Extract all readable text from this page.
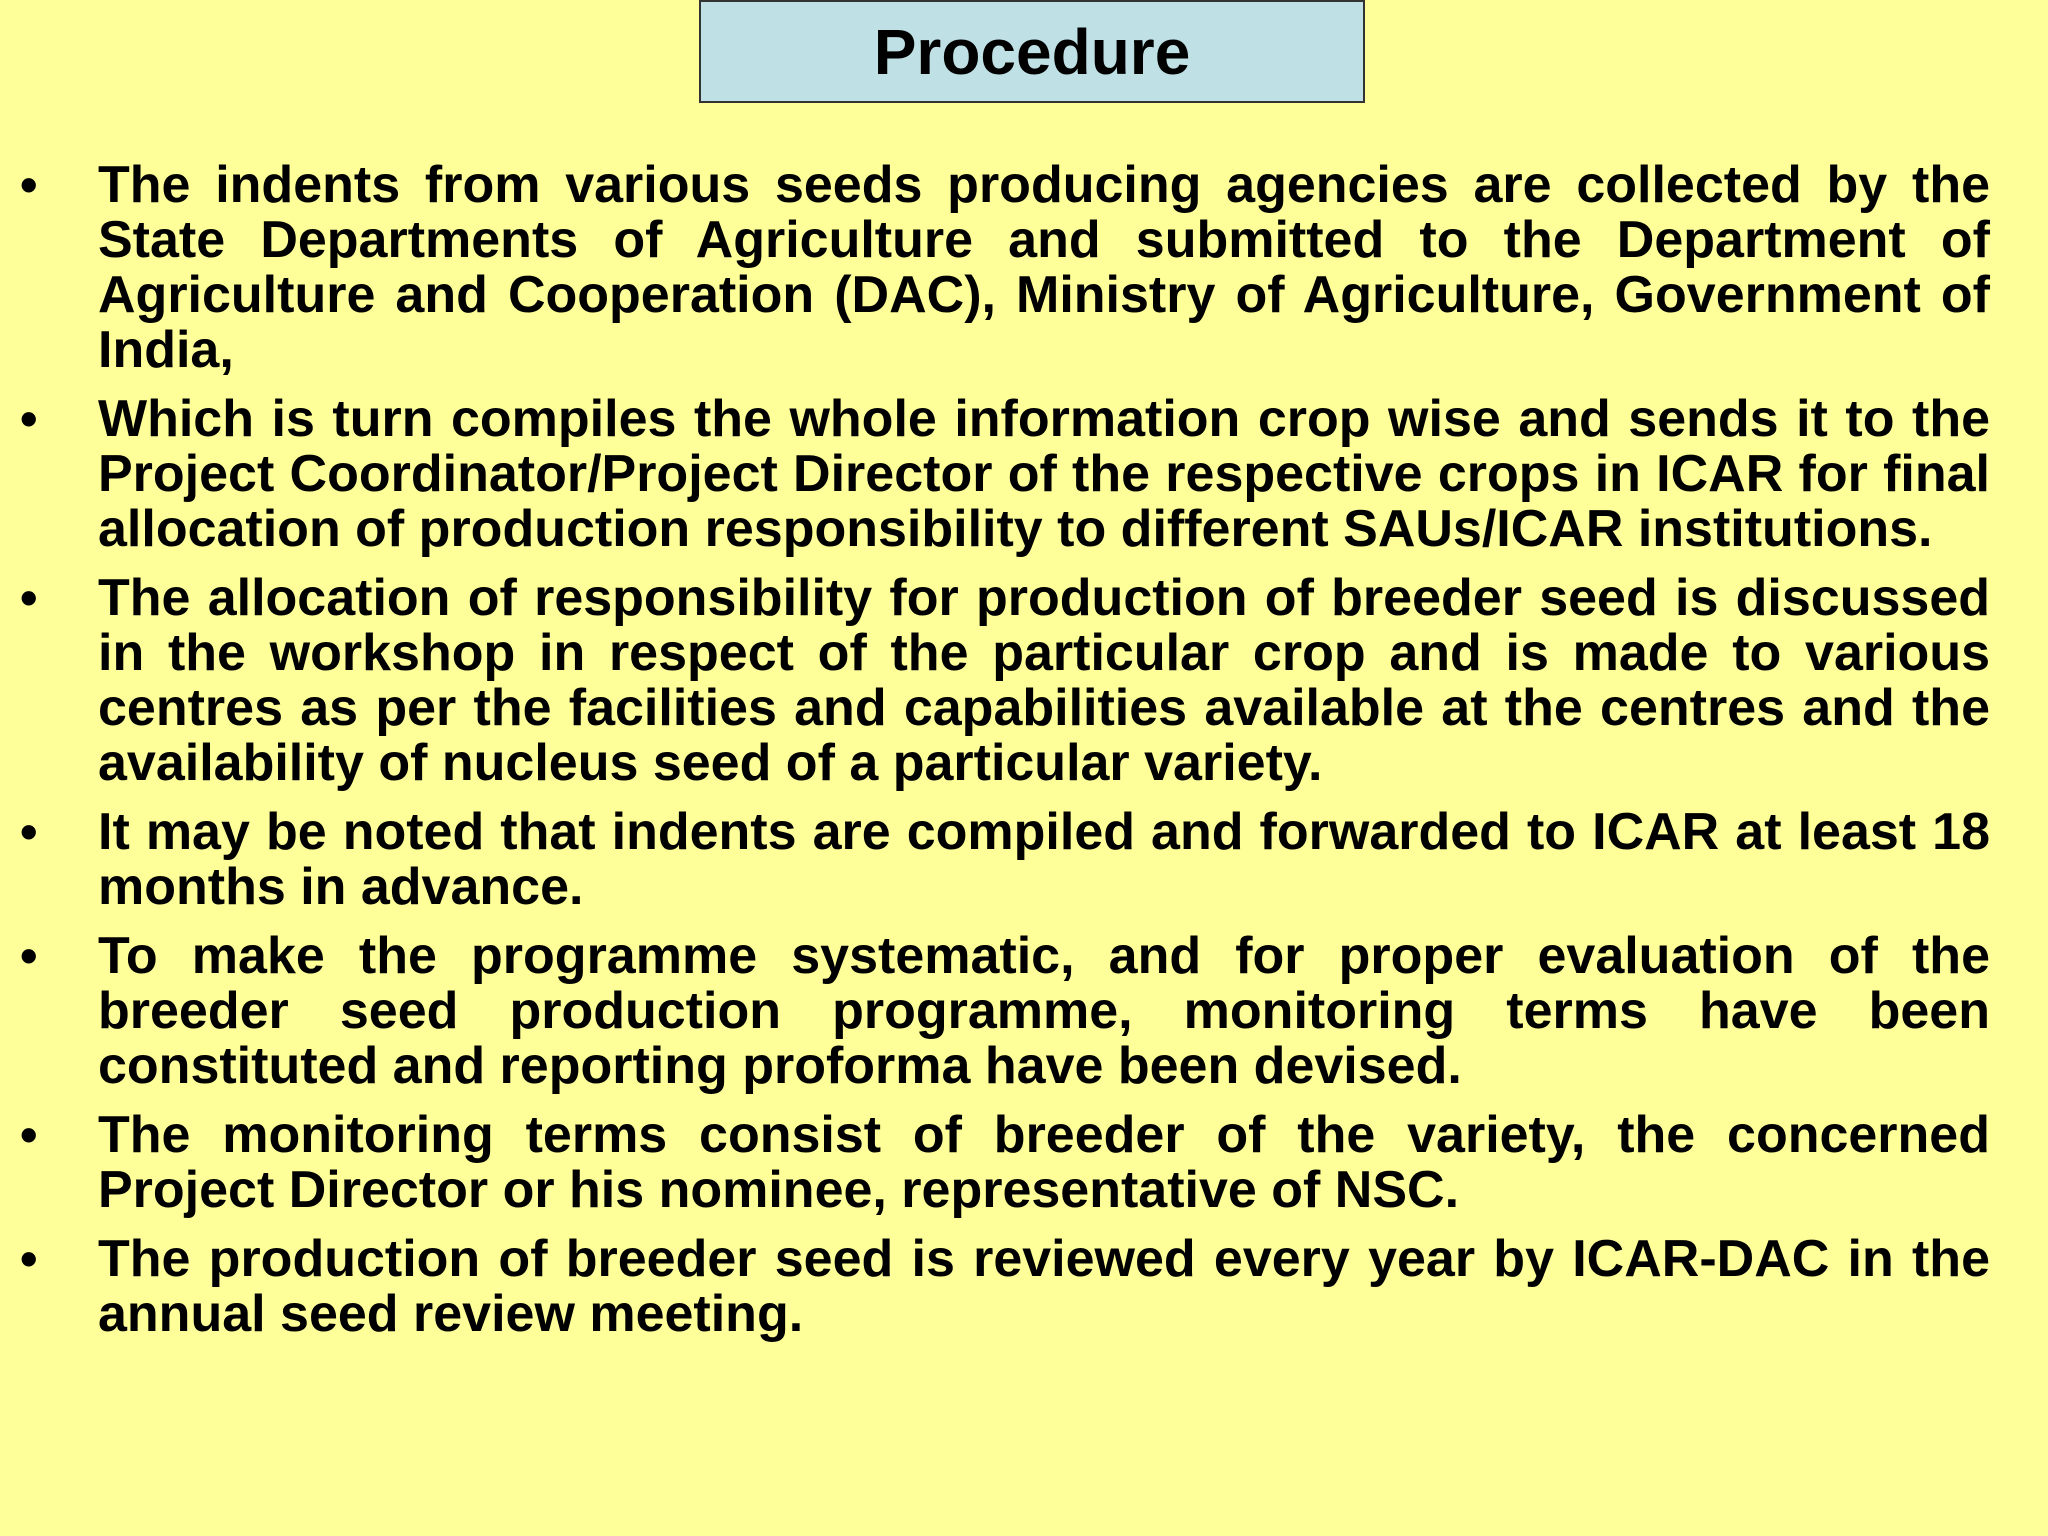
Procedure
• The indents from various seeds producing agencies are collected by the State Departments of Agriculture and submitted to the Department of Agriculture and Cooperation (DAC), Ministry of Agriculture, Government of India,
• Which is turn compiles the whole information crop wise and sends it to the Project Coordinator/Project Director of the respective crops in ICAR for final allocation of production responsibility to different SAUs/ICAR institutions.
• The allocation of responsibility for production of breeder seed is discussed in the workshop in respect of the particular crop and is made to various centres as per the facilities and capabilities available at the centres and the availability of nucleus seed of a particular variety.
• It may be noted that indents are compiled and forwarded to ICAR at least 18 months in advance.
• To make the programme systematic, and for proper evaluation of the breeder seed production programme, monitoring terms have been constituted and reporting proforma have been devised.
• The monitoring terms consist of breeder of the variety, the concerned Project Director or his nominee, representative of NSC.
• The production of breeder seed is reviewed every year by ICAR-DAC in the annual seed review meeting.
